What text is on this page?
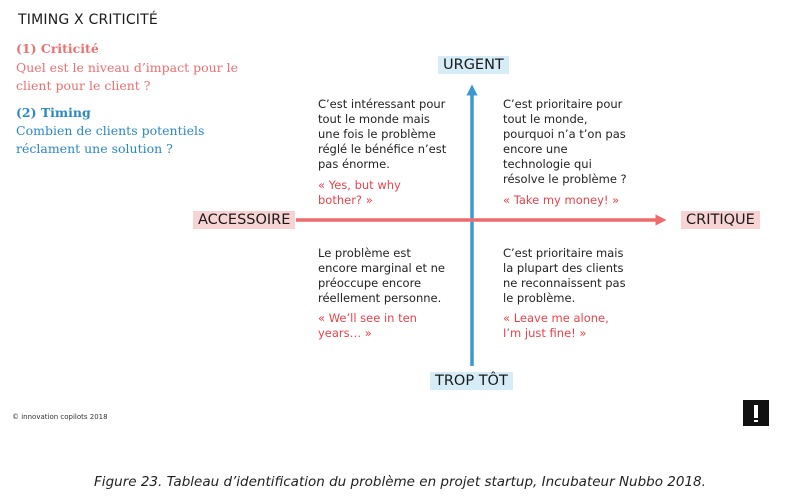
TIMING X CRITICITÉ
(1) Criticité
Quel est le niveau d’impact pour le
client pour le client ?
(2) Timing
Combien de clients potentiels
réclament une solution ?
URGENT
TROP TÔT
ACCESSOIRE	CRITIQUE
C’est intéressant pour
tout le monde mais
une fois le problème
réglé le bénéfice n’est
pas énorme.
« Yes, but why
bother? »
C’est prioritaire pour
tout le monde,
pourquoi n’a t’on pas
encore une
technologie qui
résolve le problème ?
« Take my money! »
Le problème est
encore marginal et ne
préoccupe encore
réellement personne.
« We’ll see in ten
years… »
C’est prioritaire mais
la plupart des clients
ne reconnaissent pas
le problème.
« Leave me alone,
I’m just fine! »
© innovation copilots 2018
Figure 23. Tableau d’identification du problème en projet startup, Incubateur Nubbo 2018.
